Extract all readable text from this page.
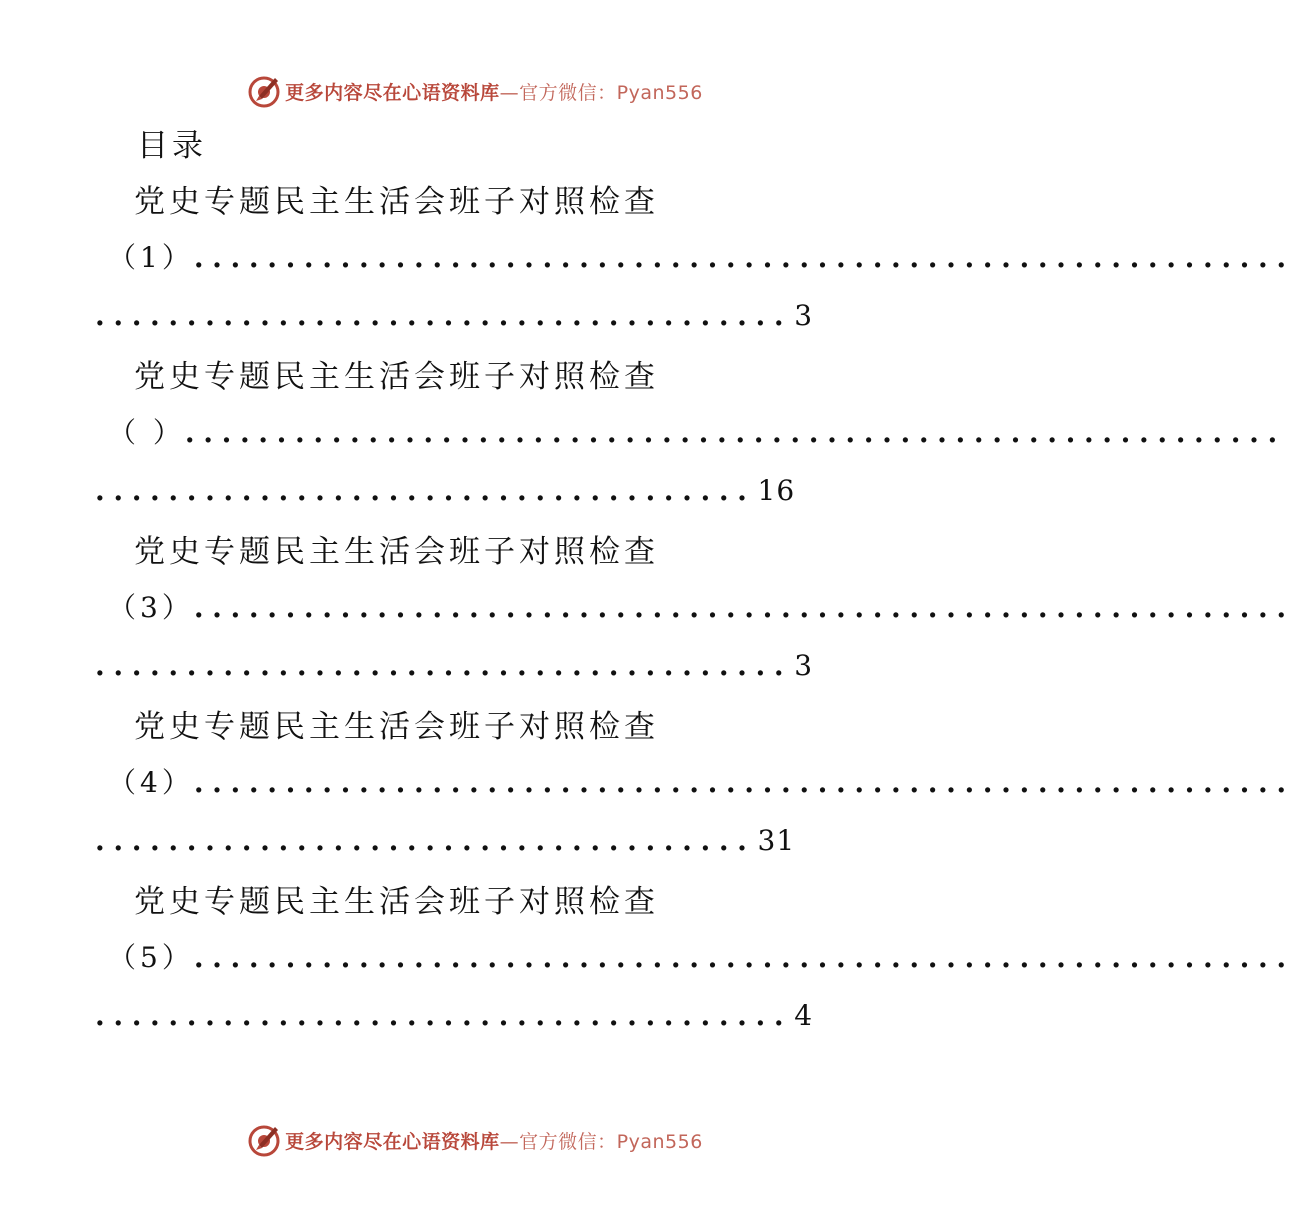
更多内容尽在心语资料库 —官方微信：Pyan556
目录
党史专题民主生活会班子对照检查
（1）............................................................
......................................3
党史专题民主生活会班子对照检查
（ ）............................................................
....................................16
党史专题民主生活会班子对照检查
（3）............................................................
......................................3
党史专题民主生活会班子对照检查
（4）............................................................
....................................31
党史专题民主生活会班子对照检查
（5）............................................................
......................................4
更多内容尽在心语资料库 —官方微信：Pyan556
